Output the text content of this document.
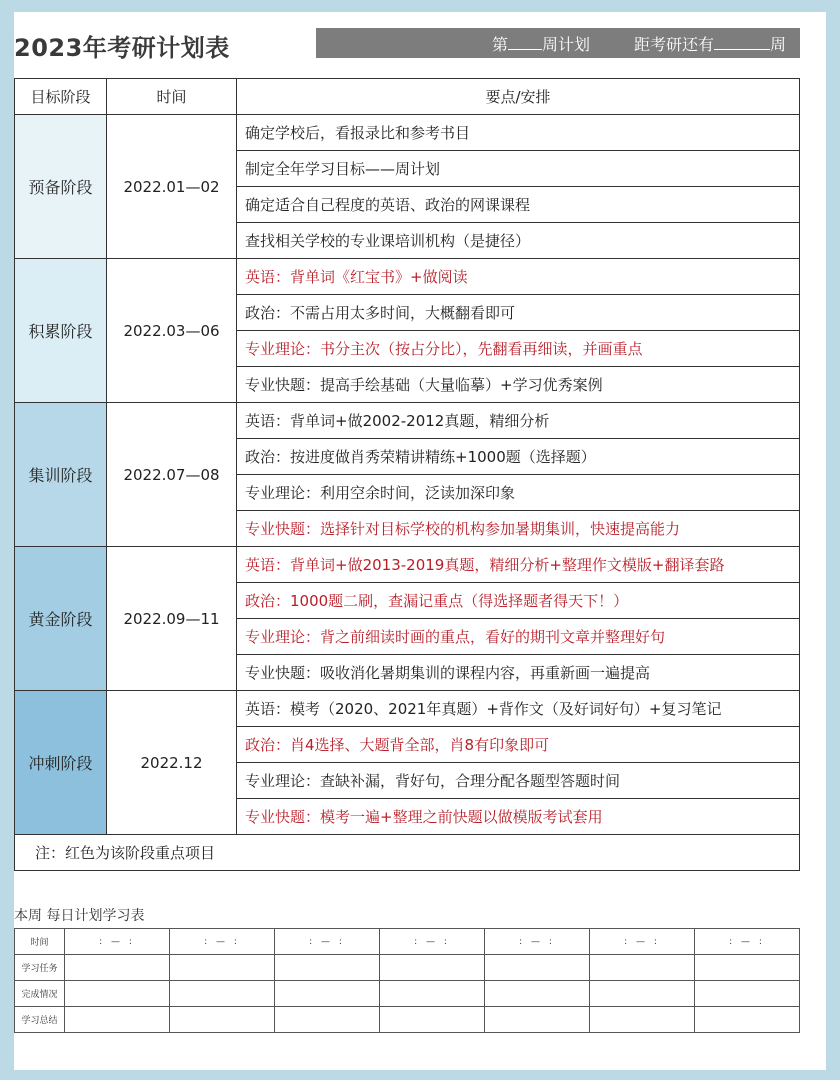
2023年考研计划表	第 周计划	距考研还有	周
目标阶段	时间	要点/安排
预备阶段	2022.01—02	确定学校后，看报录比和参考书目
		制定全年学习目标——周计划
		确定适合自己程度的英语、政治的网课课程
		查找相关学校的专业课培训机构（是捷径）
积累阶段	2022.03—06	英语：背单词《红宝书》+做阅读
		政治：不需占用太多时间，大概翻看即可
		专业理论：书分主次（按占分比），先翻看再细读，并画重点
		专业快题：提高手绘基础（大量临摹）+学习优秀案例
集训阶段	2022.07—08	英语：背单词+做2002-2012真题，精细分析
		政治：按进度做肖秀荣精讲精练+1000题（选择题）
		专业理论：利用空余时间，泛读加深印象
		专业快题：选择针对目标学校的机构参加暑期集训，快速提高能力
黄金阶段	2022.09—11	英语：背单词+做2013-2019真题，精细分析+整理作文模版+翻译套路
		政治：1000题二刷，查漏记重点（得选择题者得天下！）
		专业理论：背之前细读时画的重点，看好的期刊文章并整理好句
		专业快题：吸收消化暑期集训的课程内容，再重新画一遍提高
冲刺阶段	2022.12	英语：模考（2020、2021年真题）+背作文（及好词好句）+复习笔记
		政治：肖4选择、大题背全部，肖8有印象即可
		专业理论：查缺补漏，背好句，合理分配各题型答题时间
		专业快题：模考一遍+整理之前快题以做模版考试套用
注：红色为该阶段重点项目		
本周 每日计划学习表
时间	: — :	: — :	: — :	: — :	: — :	: — :	: — :
学习任务							
完成情况							
学习总结							
